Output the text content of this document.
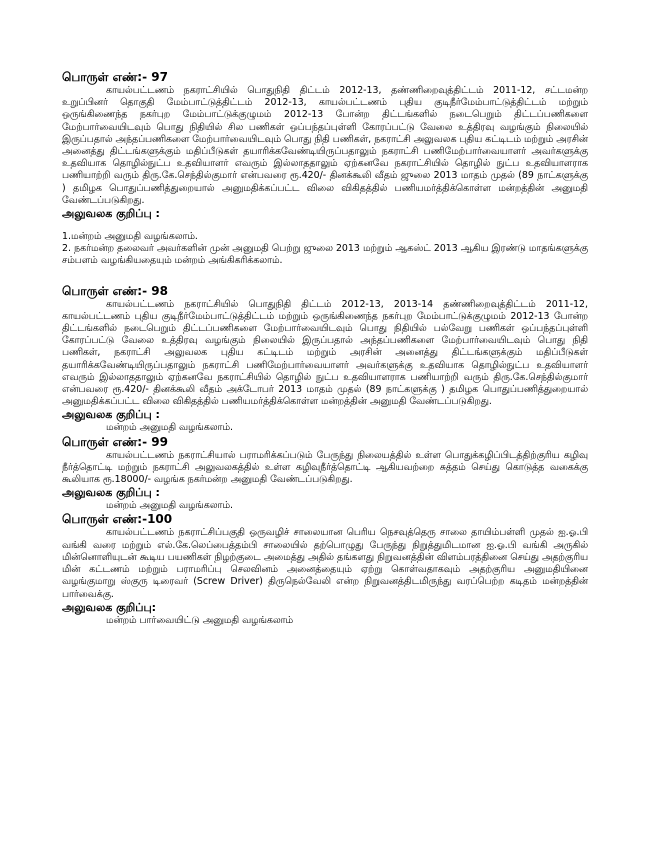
பொருள் எண்:- 97

காயல்பட்டணம் நகராட்சியில் பொதுநிதி திட்டம் 2012-13, தண்ணிறைவுத்திட்டம் 2011-12, சட்டமன்ற உறுப்பினர் தொகுதி மேம்பாட்டுத்திட்டம் 2012-13, காயல்பட்டணம் புதிய குடிநீர்மேம்பாட்டுத்திட்டம் மற்றும் ஒருங்கிணைந்த நகர்புற மேம்பாட்டுக்குழுமம் 2012-13 போன்ற திட்டங்களில் நடைபெறும் திட்டப்பணிகளை மேற்பார்வையிடவும் பொது நிதியில் சில பணிகள் ஒப்பந்தப்புள்ளி கோரப்பட்டு வேலை உத்திரவு வழங்கும் நிலையில் இருப்பதால் அந்தப்பணிகளை மேற்பார்வையிடவும் பொது நிதி பணிகள், நகராட்சி அலுவலக புதிய கட்டிடம் மற்றும் அரசின் அனைத்து திட்டங்களுக்கும் மதிப்பீடுகள் தயாரிக்கவேண்டியிருப்பதாலும் நகராட்சி பணிமேற்பார்வையாளர் அவர்களுக்கு உதவியாக தொழில்நுட்ப உதவியாளர் எவரும் இல்லாததாலும் ஏற்கனவே நகராட்சியில் தொழில் நுட்ப உதவியாளராக பணியாற்றி வரும் திரு.கே.செந்தில்குமார் என்பவரை ரூ.420/- தினக்கூலி வீதம் ஜுலை 2013 மாதம் முதல் (89 நாட்களுக்கு ) தமிழக பொதுப்பணித்துறையால் அனுமதிக்கப்பட்ட விலை விகிதத்தில் பணியமர்த்திக்கொள்ள மன்றத்தின் அனுமதி வேண்டப்படுகிறது.

அலுவலக குறிப்பு :

1.மன்றம் அனுமதி வழங்கலாம்.
2. நகர்மன்ற தலைவர் அவர்களின் முன் அனுமதி பெற்று ஜுலை 2013 மற்றும் ஆகஸ்ட் 2013 ஆகிய இரண்டு மாதங்களுக்கு சம்பளம் வழங்கியதையும் மன்றம் அங்கிகரிக்கலாம்.

பொருள் எண்:- 98

காயல்பட்டணம் நகராட்சியில் பொதுநிதி திட்டம் 2012-13, 2013-14 தண்ணிறைவுத்திட்டம் 2011-12, காயல்பட்டணம் புதிய குடிநீர்மேம்பாட்டுத்திட்டம் மற்றும் ஒருங்கிணைந்த நகர்புற மேம்பாட்டுக்குழுமம் 2012-13 போன்ற திட்டங்களில் நடைபெறும் திட்டப்பணிகளை மேற்பார்வையிடவும் பொது நிதியில் பல்வேறு பணிகள் ஒப்பந்தப்புள்ளி கோரப்பட்டு வேலை உத்திரவு வழங்கும் நிலையில் இருப்பதால் அந்தப்பணிகளை மேற்பார்வையிடவும் பொது நிதி பணிகள், நகராட்சி அலுவலக புதிய கட்டிடம் மற்றும் அரசின் அனைத்து திட்டங்களுக்கும் மதிப்பீடுகள் தயாரிக்கவேண்டியிருப்பதாலும் நகராட்சி பணிமேற்பார்வையாளர் அவர்களுக்கு உதவியாக தொழில்நுட்ப உதவியாளர் எவரும் இல்லாததாலும் ஏற்கனவே நகராட்சியில் தொழில் நுட்ப உதவியாளராக பணியாற்றி வரும் திரு.கே.செந்தில்குமார் என்பவரை ரூ.420/- தினக்கூலி வீதம் அக்டோபர் 2013 மாதம் முதல் (89 நாட்களுக்கு ) தமிழக பொதுப்பணித்துறையால் அனுமதிக்கப்பட்ட விலை விகிதத்தில் பணியமர்த்திக்கொள்ள மன்றத்தின் அனுமதி வேண்டப்படுகிறது.

அலுவலக குறிப்பு :

மன்றம் அனுமதி வழங்கலாம்.

பொருள் எண்:- 99

காயல்பட்டணம் நகராட்சியால் பராமரிக்கப்படும் பேருந்து நிலையத்தில் உள்ள பொதுக்கழிப்பிடத்திற்குரிய கழிவு நீர்த்தொட்டி மற்றும் நகராட்சி அலுவலகத்தில் உள்ள கழிவுநீர்த்தொட்டி ஆகியவற்றை சுத்தம் செய்து கொடுத்த வகைக்கு கூலியாக ரூ.18000/- வழங்க நகர்மன்ற அனுமதி வேண்டப்படுகிறது.

அலுவலக குறிப்பு :

மன்றம் அனுமதி வழங்கலாம்.

பொருள் எண்:-100

காயல்பட்டணம் நகராட்சிப்பகுதி ஒருவழிச் சாலையான பெரிய நெசவுத்தெரு சாலை தாயிம்பள்ளி முதல் ஐ.ஓ.பி வங்கி வரை மற்றும் எல்.கே.லெப்பைத்தம்பி சாலையில் தற்பொழுது பேருந்து நிறுத்துமிடமான ஐ.ஓ.பி வங்கி அருகில் மின்னொளியுடன் கூடிய பயணிகள் நிழற்குடை அமைத்து அதில் தங்களது நிறுவனத்தின் விளம்பரத்தினை செய்து அதற்குரிய மின் கட்டணம் மற்றும் பராமரிப்பு செலவினம் அனைத்தையும் ஏற்று கொள்வதாகவும் அதற்குரிய அனுமதியினை வழங்குமாறு ஸ்குரு டிரைவர் (Screw Driver) திருநெல்வேலி என்ற நிறுவனத்திடமிருந்து வரப்பெற்ற கடிதம் மன்றத்தின் பார்வைக்கு.

அலுவலக குறிப்பு:

மன்றம் பார்வையிட்டு அனுமதி வழங்கலாம்
